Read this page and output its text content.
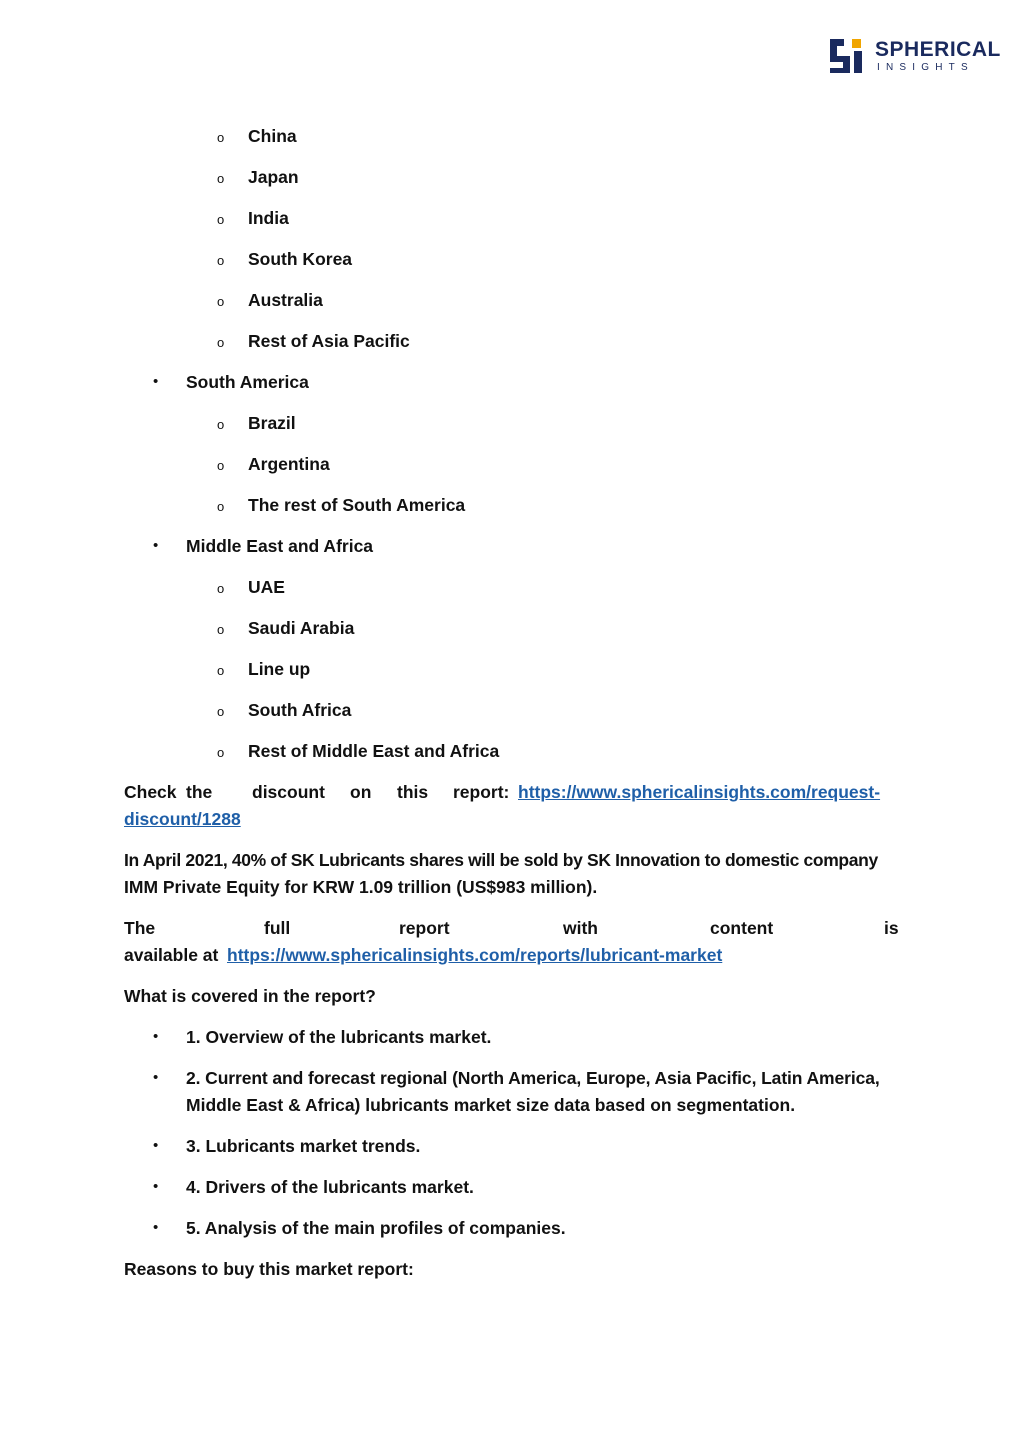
SPHERICAL
INSIGHTS
o China
o Japan
o India
o South Korea
o Australia
o Rest of Asia Pacific
• South America
o Brazil
o Argentina
o The rest of South America
• Middle East and Africa
o UAE
o Saudi Arabia
o Line up
o South Africa
o Rest of Middle East and Africa
Check the discount on this report: https://www.sphericalinsights.com/request-
discount/1288
In April 2021, 40% of SK Lubricants shares will be sold by SK Innovation to domestic company
IMM Private Equity for KRW 1.09 trillion (US$983 million).
The	full	report	with	content	is
available at https://www.sphericalinsights.com/reports/lubricant-market
What is covered in the report?
• 1. Overview of the lubricants market.
• 2. Current and forecast regional (North America, Europe, Asia Pacific, Latin America,
Middle East & Africa) lubricants market size data based on segmentation.
• 3. Lubricants market trends.
• 4. Drivers of the lubricants market.
• 5. Analysis of the main profiles of companies.
Reasons to buy this market report:
